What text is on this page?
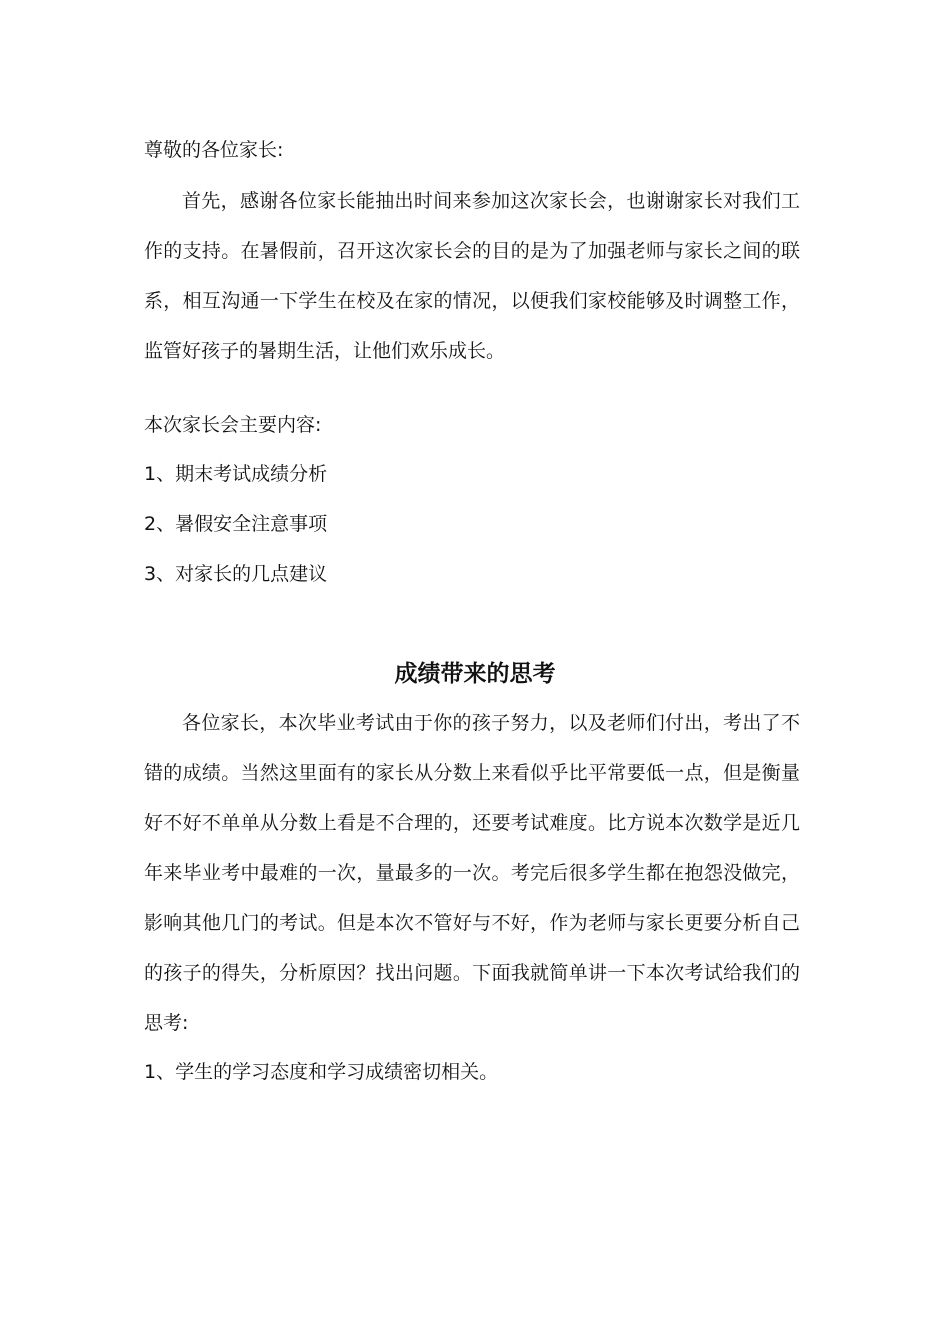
尊敬的各位家长:
首先，感谢各位家长能抽出时间来参加这次家长会，也谢谢家长对我们工作的支持。在暑假前，召开这次家长会的目的是为了加强老师与家长之间的联系，相互沟通一下学生在校及在家的情况，以便我们家校能够及时调整工作，监管好孩子的暑期生活，让他们欢乐成长。
本次家长会主要内容:
1、期末考试成绩分析
2、暑假安全注意事项
3、对家长的几点建议
成绩带来的思考
各位家长，本次毕业考试由于你的孩子努力，以及老师们付出，考出了不错的成绩。当然这里面有的家长从分数上来看似乎比平常要低一点，但是衡量好不好不单单从分数上看是不合理的，还要考试难度。比方说本次数学是近几年来毕业考中最难的一次，量最多的一次。考完后很多学生都在抱怨没做完，影响其他几门的考试。但是本次不管好与不好，作为老师与家长更要分析自己的孩子的得失，分析原因？找出问题。下面我就简单讲一下本次考试给我们的思考:
1、学生的学习态度和学习成绩密切相关。
